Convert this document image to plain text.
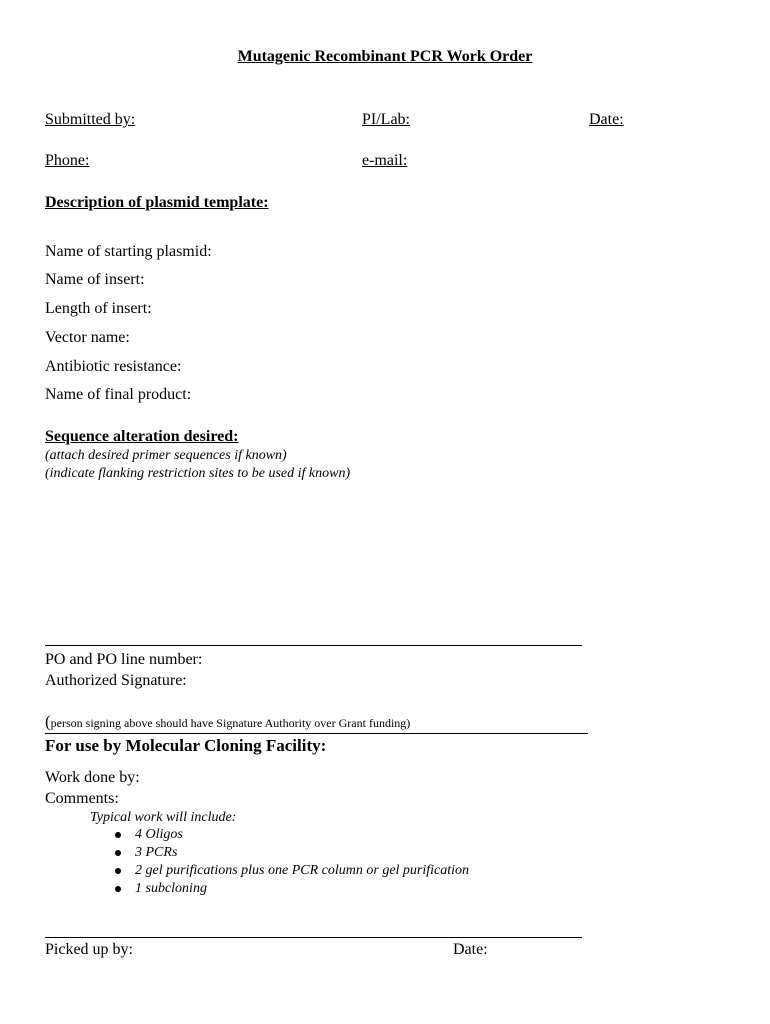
Mutagenic Recombinant PCR Work Order
Submitted by:	PI/Lab:	Date:
Phone:	e-mail:
Description of plasmid template:
Name of starting plasmid:
Name of insert:
Length of insert:
Vector name:
Antibiotic resistance:
Name of final product:
Sequence alteration desired:
(attach desired primer sequences if known)
(indicate flanking restriction sites to be used if known)
PO and PO line number:
Authorized Signature:
(person signing above should have Signature Authority over Grant funding)
For use by Molecular Cloning Facility:
Work done by:
Comments:
Typical work will include:
4 Oligos
3 PCRs
2 gel purifications plus one PCR column or gel purification
1 subcloning
Picked up by:	Date:
